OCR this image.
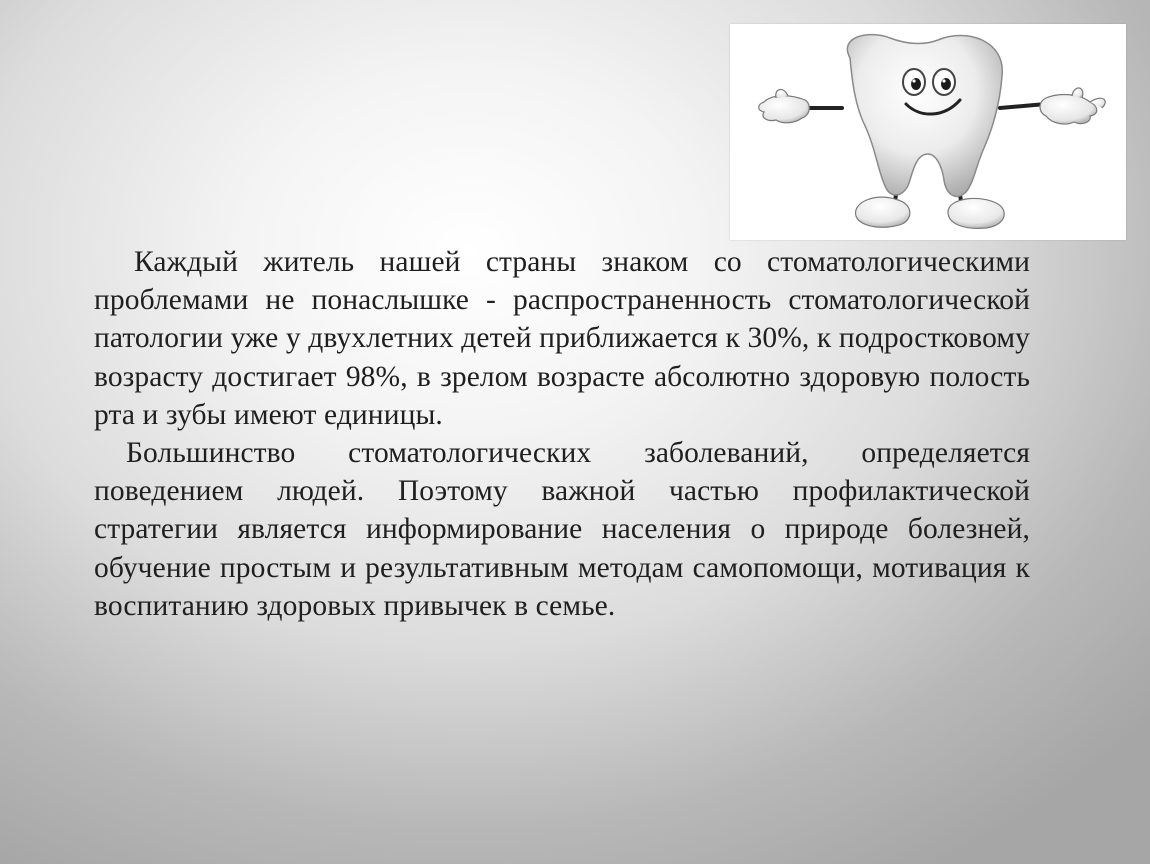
Каждый житель нашей страны знаком со стоматологическими проблемами не понаслышке - распространенность стоматологической патологии уже у двухлетних детей приближается к 30%, к подростковому возрасту достигает 98%, в зрелом возрасте абсолютно здоровую полость рта и зубы имеют единицы.

Большинство стоматологических заболеваний, определяется поведением людей. Поэтому важной частью профилактической стратегии является информирование населения о природе болезней, обучение простым и результативным методам самопомощи, мотивация к воспитанию здоровых привычек в семье.
